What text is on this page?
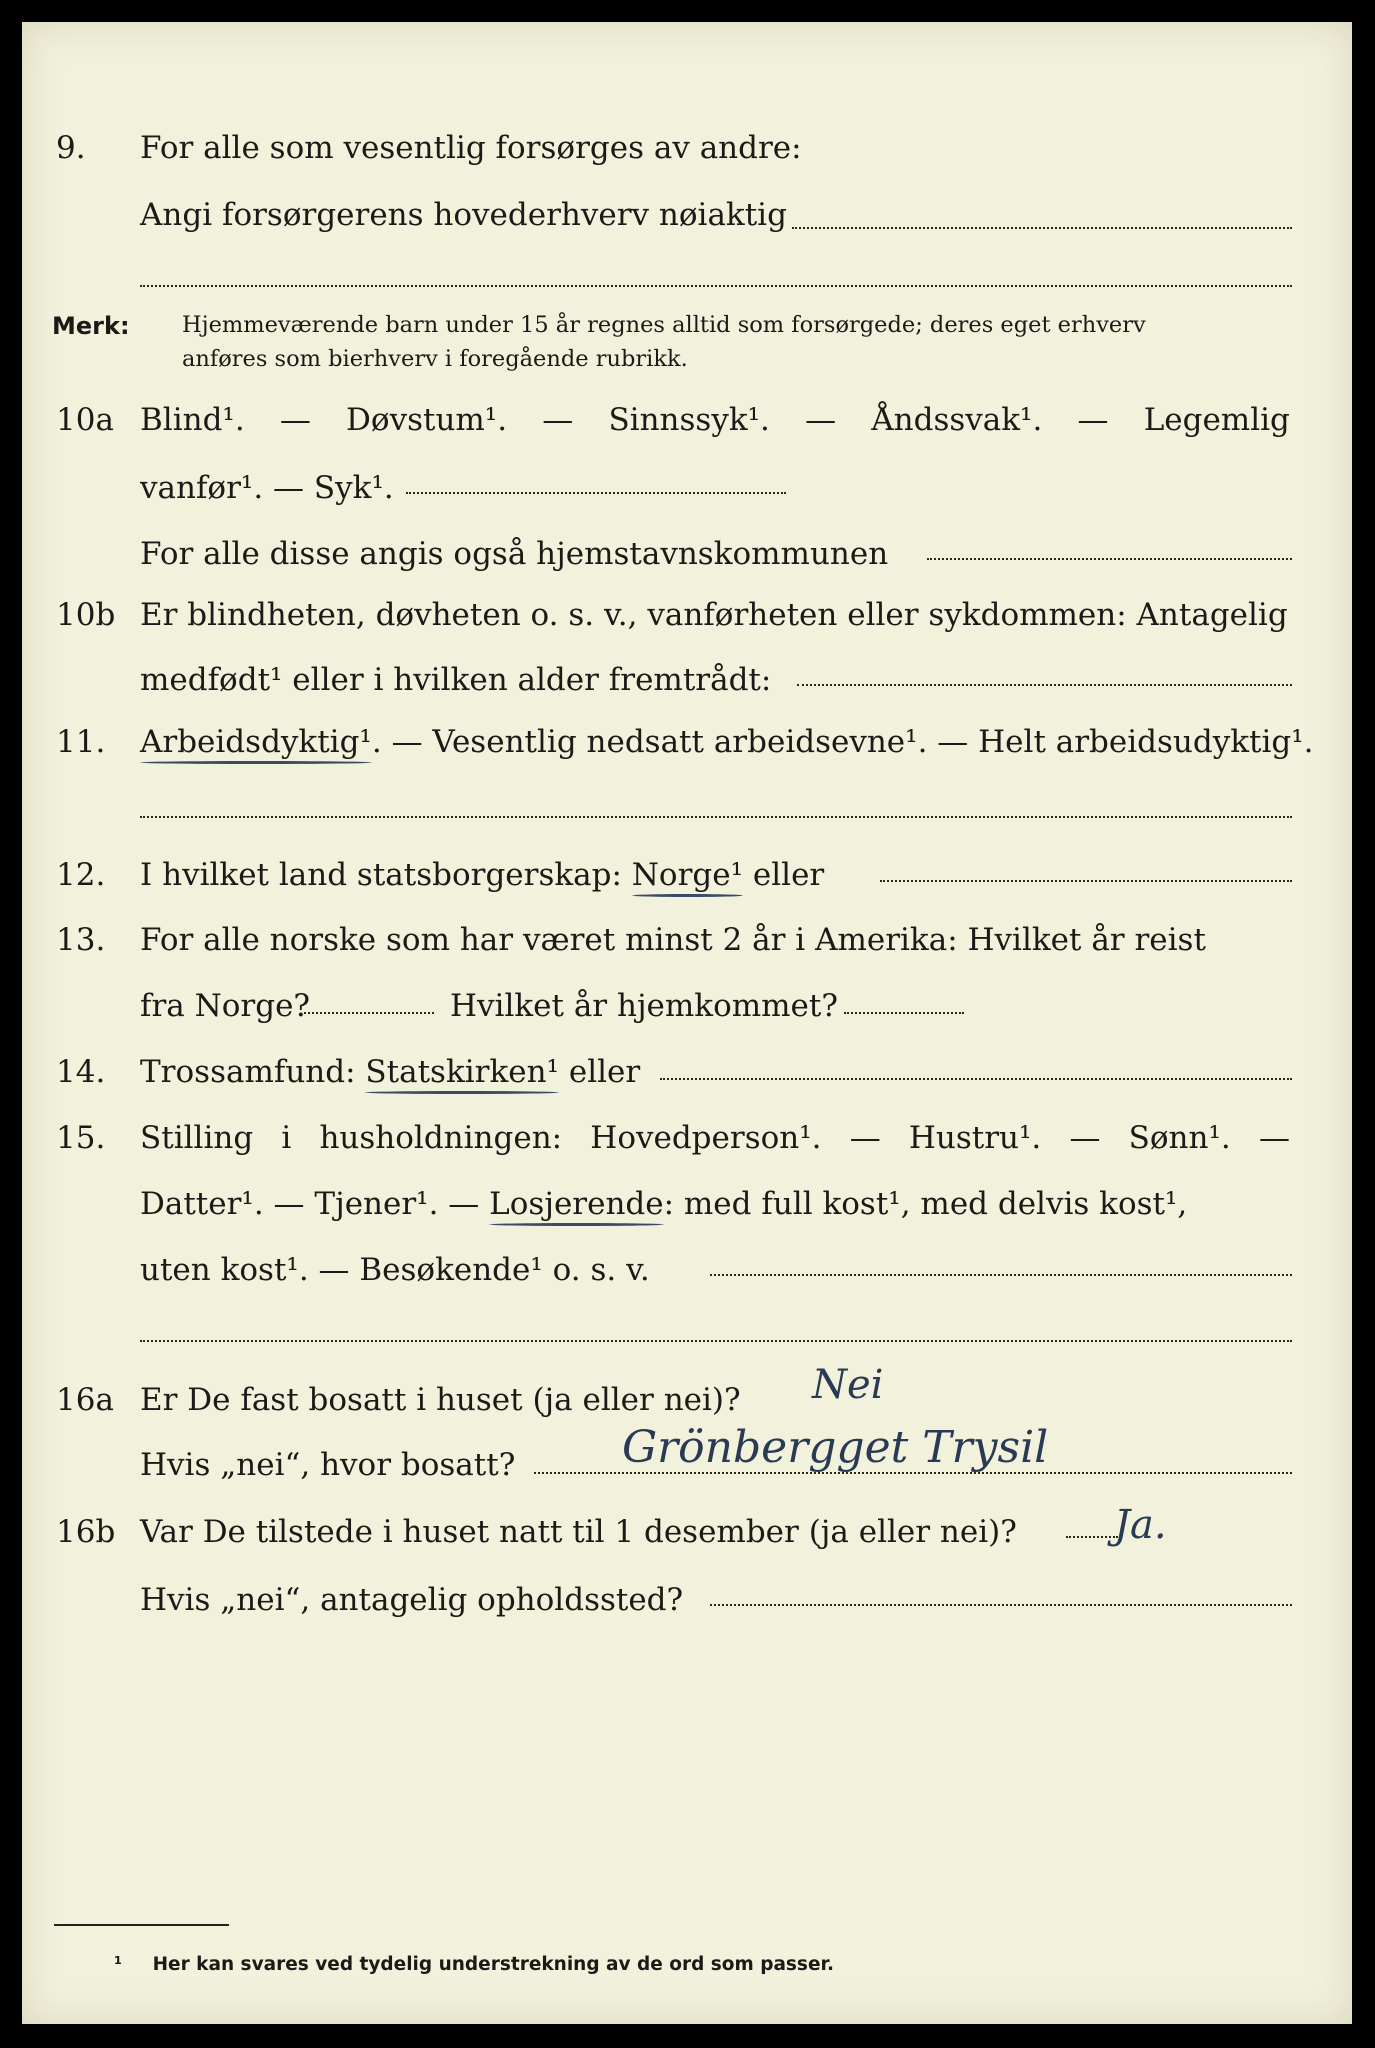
9. For alle som vesentlig forsørges av andre:
Angi forsørgerens hovederhverv nøiaktig
Merk: Hjemmeværende barn under 15 år regnes alltid som forsørgede; deres eget erhverv
anføres som bierhverv i foregående rubrikk.
10a Blind¹. — Døvstum¹. — Sinnssyk¹. — Åndssvak¹. — Legemlig
vanfør¹. — Syk¹.
For alle disse angis også hjemstavnskommunen
10b Er blindheten, døvheten o. s. v., vanførheten eller sykdommen: Antagelig
medfødt¹ eller i hvilken alder fremtrådt:
11. Arbeidsdyktig¹. — Vesentlig nedsatt arbeidsevne¹. — Helt arbeidsudyktig¹.
12. I hvilket land statsborgerskap: Norge¹ eller
13. For alle norske som har været minst 2 år i Amerika: Hvilket år reist
fra Norge?	Hvilket år hjemkommet?
14. Trossamfund: Statskirken¹ eller
15. Stilling i husholdningen: Hovedperson¹. — Hustru¹. — Sønn¹. —
Datter¹. — Tjener¹. — Losjerende: med full kost¹, med delvis kost¹,
uten kost¹. — Besøkende¹ o. s. v.
16a Er De fast bosatt i huset (ja eller nei)? Nei
Hvis „nei“, hvor bosatt? Grönbergget Trysil
16b Var De tilstede i huset natt til 1 desember (ja eller nei)? Ja.
Hvis „nei“, antagelig opholdssted?
¹ Her kan svares ved tydelig understrekning av de ord som passer.
